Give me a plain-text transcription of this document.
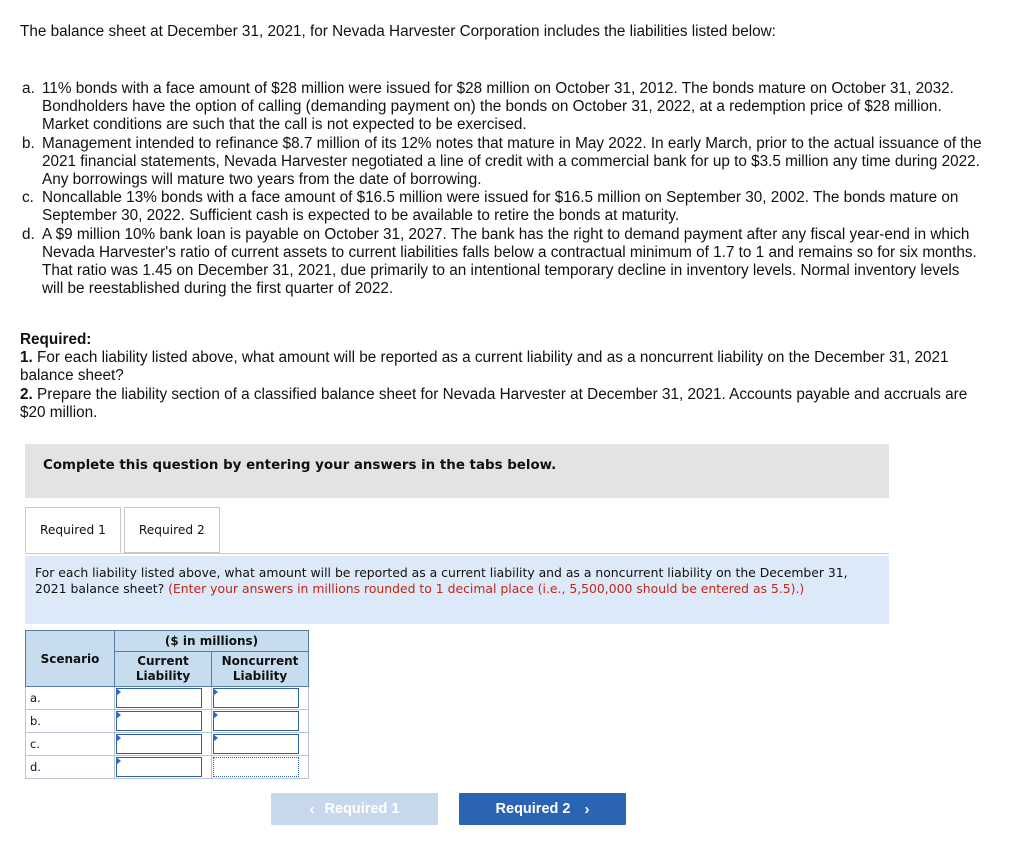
The balance sheet at December 31, 2021, for Nevada Harvester Corporation includes the liabilities listed below:

a. 11% bonds with a face amount of $28 million were issued for $28 million on October 31, 2012. The bonds mature on October 31, 2032. Bondholders have the option of calling (demanding payment on) the bonds on October 31, 2022, at a redemption price of $28 million. Market conditions are such that the call is not expected to be exercised.
b. Management intended to refinance $8.7 million of its 12% notes that mature in May 2022. In early March, prior to the actual issuance of the 2021 financial statements, Nevada Harvester negotiated a line of credit with a commercial bank for up to $3.5 million any time during 2022. Any borrowings will mature two years from the date of borrowing.
c. Noncallable 13% bonds with a face amount of $16.5 million were issued for $16.5 million on September 30, 2002. The bonds mature on September 30, 2022. Sufficient cash is expected to be available to retire the bonds at maturity.
d. A $9 million 10% bank loan is payable on October 31, 2027. The bank has the right to demand payment after any fiscal year-end in which Nevada Harvester's ratio of current assets to current liabilities falls below a contractual minimum of 1.7 to 1 and remains so for six months. That ratio was 1.45 on December 31, 2021, due primarily to an intentional temporary decline in inventory levels. Normal inventory levels will be reestablished during the first quarter of 2022.
Required:

1. For each liability listed above, what amount will be reported as a current liability and as a noncurrent liability on the December 31, 2021 balance sheet?

2. Prepare the liability section of a classified balance sheet for Nevada Harvester at December 31, 2021. Accounts payable and accruals are $20 million.

Complete this question by entering your answers in the tabs below.
Required 1	Required 2
For each liability listed above, what amount will be reported as a current liability and as a noncurrent liability on the December 31, 2021 balance sheet? (Enter your answers in millions rounded to 1 decimal place (i.e., 5,500,000 should be entered as 5.5).)
Scenario	($ in millions)	
	Current Liability	Noncurrent Liability
a.	

b.	

c.	

d.	

‹ Required 1	Required 2 ›
